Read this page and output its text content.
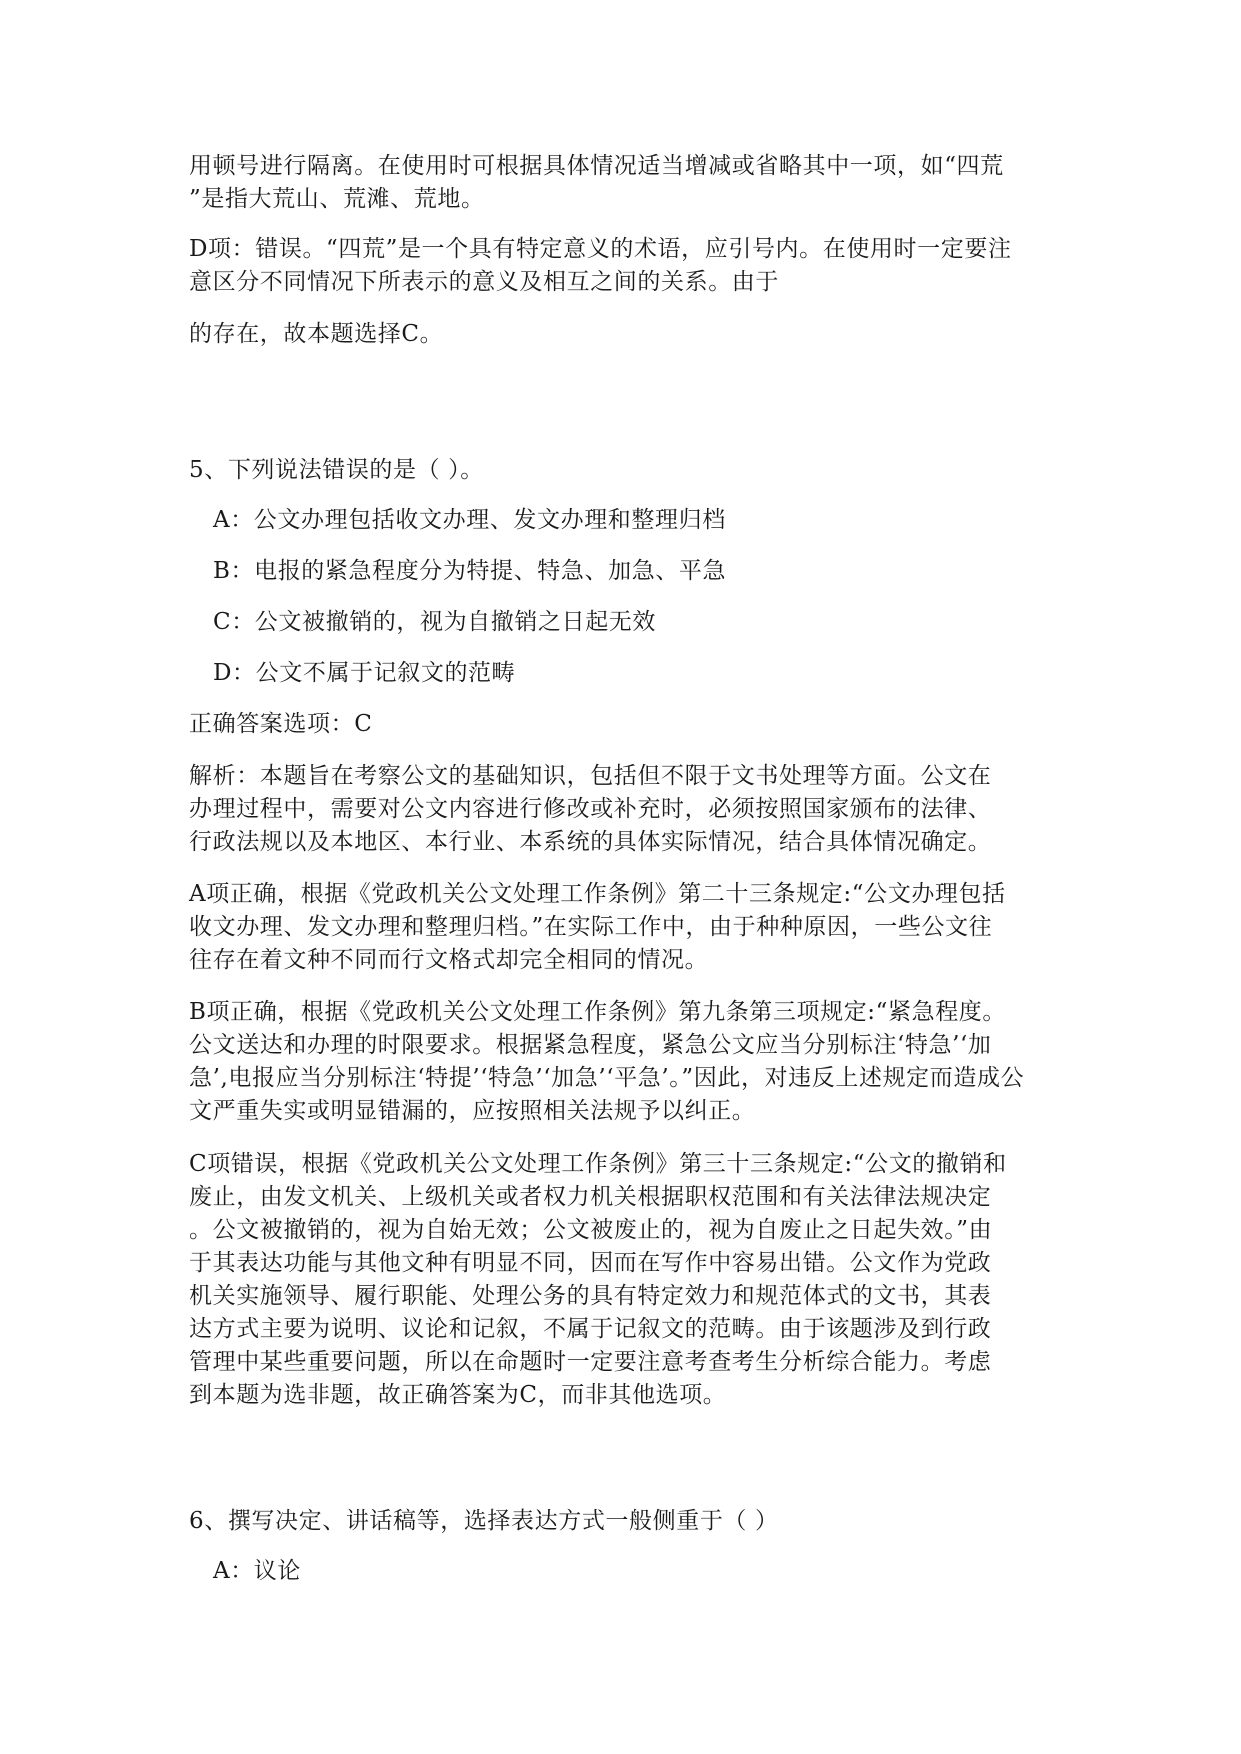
用顿号进行隔离。在使用时可根据具体情况适当增减或省略其中一项，如“四荒
”是指大荒山、荒滩、荒地。
D项：错误。“四荒”是一个具有特定意义的术语，应引号内。在使用时一定要注
意区分不同情况下所表示的意义及相互之间的关系。由于
的存在，故本题选择C。
5、下列说法错误的是（ ）。
A：公文办理包括收文办理、发文办理和整理归档
B：电报的紧急程度分为特提、特急、加急、平急
C：公文被撤销的，视为自撤销之日起无效
D：公文不属于记叙文的范畴
正确答案选项：C
解析：本题旨在考察公文的基础知识，包括但不限于文书处理等方面。公文在
办理过程中，需要对公文内容进行修改或补充时，必须按照国家颁布的法律、
行政法规以及本地区、本行业、本系统的具体实际情况，结合具体情况确定。
A项正确，根据《党政机关公文处理工作条例》第二十三条规定:“公文办理包括
收文办理、发文办理和整理归档。”在实际工作中，由于种种原因，一些公文往
往存在着文种不同而行文格式却完全相同的情况。
B项正确，根据《党政机关公文处理工作条例》第九条第三项规定:“紧急程度。
公文送达和办理的时限要求。根据紧急程度，紧急公文应当分别标注‘特急’‘加
急’,电报应当分别标注‘特提’‘特急’‘加急’‘平急’。”因此，对违反上述规定而造成公
文严重失实或明显错漏的，应按照相关法规予以纠正。
C项错误，根据《党政机关公文处理工作条例》第三十三条规定:“公文的撤销和
废止，由发文机关、上级机关或者权力机关根据职权范围和有关法律法规决定
。公文被撤销的，视为自始无效；公文被废止的，视为自废止之日起失效。”由
于其表达功能与其他文种有明显不同，因而在写作中容易出错。公文作为党政
机关实施领导、履行职能、处理公务的具有特定效力和规范体式的文书，其表
达方式主要为说明、议论和记叙，不属于记叙文的范畴。由于该题涉及到行政
管理中某些重要问题，所以在命题时一定要注意考查考生分析综合能力。考虑
到本题为选非题，故正确答案为C，而非其他选项。
6、撰写决定、讲话稿等，选择表达方式一般侧重于（ ）
A：议论
